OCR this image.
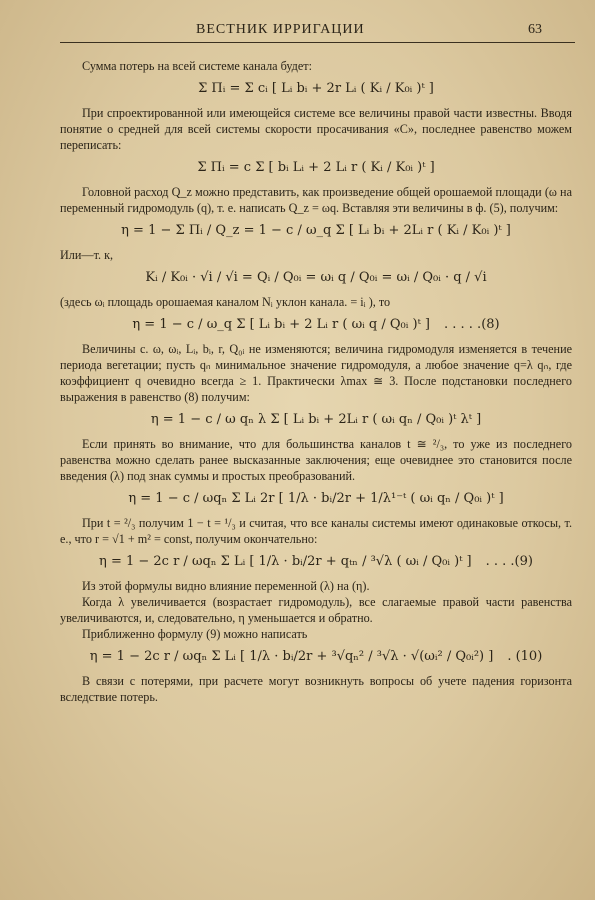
ВЕСТНИК ИРРИГАЦИИ	63

Сумма потерь на всей системе канала будет:

Σ Πᵢ = Σ cᵢ [ Lᵢ bᵢ + 2r Lᵢ ( Kᵢ / K₀ᵢ )ᵗ ]

При спроектированной или имеющейся системе все величины правой части известны. Вводя понятие о средней для всей системы скорости просачивания «С», последнее равенство можем переписать:

Σ Πᵢ = c Σ [ bᵢ Lᵢ + 2 Lᵢ r ( Kᵢ / K₀ᵢ )ᵗ ]

Головной расход Q_z можно представить, как произведение общей орошаемой площади (ω на переменный гидромодуль (q), т. е. написать Q_z = ωq. Вставляя эти величины в ф. (5), получим:

η = 1 − Σ Πᵢ / Q_z = 1 − c / ω_q Σ [ Lᵢ bᵢ + 2Lᵢ r ( Kᵢ / K₀ᵢ )ᵗ ]

Или—т. к,

Kᵢ / K₀ᵢ · √i / √i = Qᵢ / Q₀ᵢ = ωᵢ q / Q₀ᵢ = ωᵢ / Q₀ᵢ · q / √i

(здесь ωᵢ площадь орошаемая каналом Nᵢ уклон канала. = iᵢ ), то

η = 1 − c / ω_q Σ [ Lᵢ bᵢ + 2 Lᵢ r ( ωᵢ q / Q₀ᵢ )ᵗ ] . . . . .(8)

Величины c. ω, ωᵢ, Lᵢ, bᵢ, r, Q₀ᵢ не изменяются; величина гидромодуля изменяется в течение периода вегетации; пусть qₙ минимальное значение гидромодуля, а любое значение q=λ qₙ, где коэффициент q очевидно всегда ≥ 1. Практически λmax ≅ 3. После подстановки последнего выражения в равенство (8) получим:

η = 1 − c / ω qₙ λ Σ [ Lᵢ bᵢ + 2Lᵢ r ( ωᵢ qₙ / Q₀ᵢ )ᵗ λᵗ ]

Если принять во внимание, что для большинства каналов t ≅ ²/₃, то уже из последнего равенства можно сделать ранее высказанные заключения; еще очевиднее это становится после введения (λ) под знак суммы и простых преобразований.

η = 1 − c / ωqₙ Σ Lᵢ 2r [ 1/λ · bᵢ/2r + 1/λ¹⁻ᵗ ( ωᵢ qₙ / Q₀ᵢ )ᵗ ]

При t = ²/₃ получим 1 − t = ¹/₃ и считая, что все каналы системы имеют одинаковые откосы, т. е., что r = √1 + m² = const, получим окончательно:

η = 1 − 2c r / ωqₙ Σ Lᵢ [ 1/λ · bᵢ/2r + qₜₙ / ³√λ ( ωᵢ / Q₀ᵢ )ᵗ ] . . . .(9)

Из этой формулы видно влияние переменной (λ) на (η).

Когда λ увеличивается (возрастает гидромодуль), все слагаемые правой части равенства увеличиваются, и, следовательно, η уменьшается и обратно.

Приближенно формулу (9) можно написать

η = 1 − 2c r / ωqₙ Σ Lᵢ [ 1/λ · bᵢ/2r + ³√qₙ² / ³√λ · √(ωᵢ² / Q₀ᵢ²) ] . (10)

В связи с потерями, при расчете могут возникнуть вопросы об учете падения горизонта вследствие потерь.
